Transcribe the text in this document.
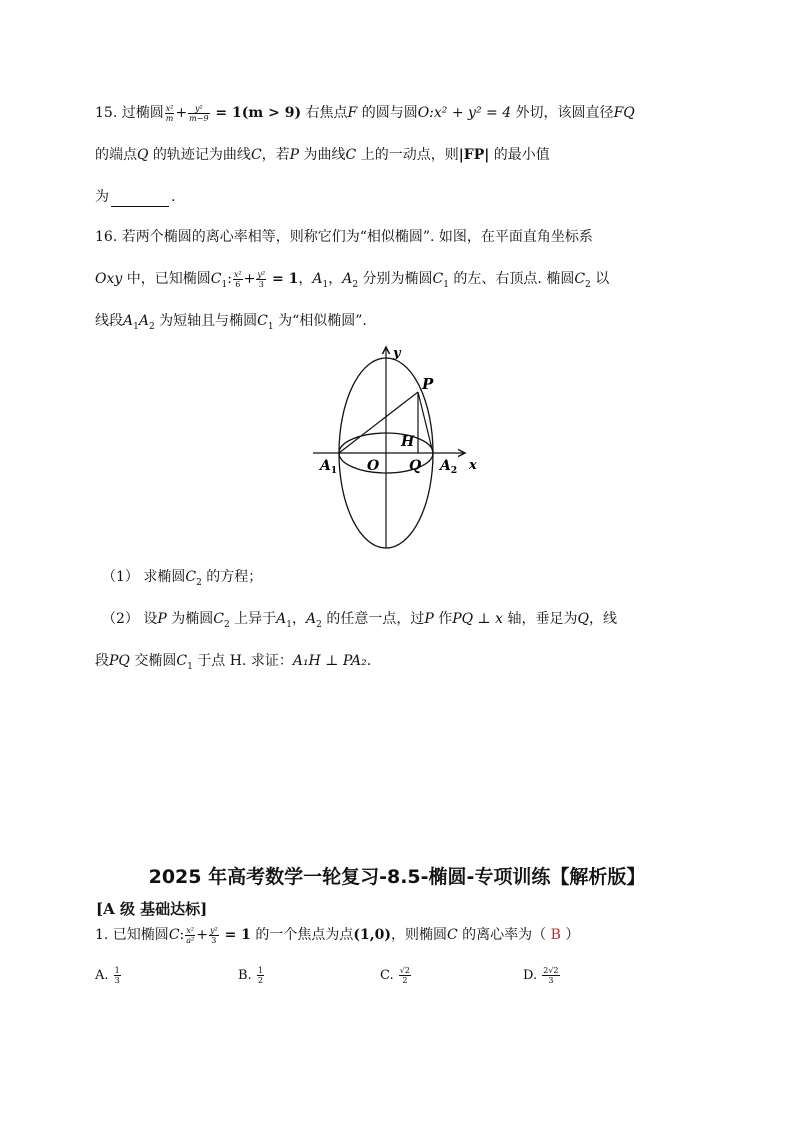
15. 过椭圆 $\frac{\text{x²}}{m} + \frac{\text{y²}}{m-9} = 1(m > 9)$ 右焦点F 的圆与圆O:x² + y² = 4 外切，该圆直径FQ
的端点Q 的轨迹记为曲线C，若P 为曲线C 上的一动点，则|FP| 的最小值
为	.
16. 若两个椭圆的离心率相等，则称它们为“相似椭圆”. 如图，在平面直角坐标系
Oxy 中，已知椭圆$C_1$: $\frac{\text{x²}}{6} + \frac{\text{y²}}{3} = 1$，$A_1$，$A_2$ 分别为椭圆$C_1$ 的左、右顶点. 椭圆$C_2$ 以
线段$A_1A_2$ 为短轴且与椭圆$C_1$ 为“相似椭圆”.
y
x
P
H
$A_1$ O Q $A_2$
（1） 求椭圆$C_2$ 的方程；
（2） 设P 为椭圆$C_2$ 上异于$A_1$，$A_2$ 的任意一点，过P 作PQ ⊥ x 轴，垂足为Q，线
段PQ 交椭圆$C_1$ 于点 H. 求证：A₁H ⊥ PA₂.
2025 年高考数学一轮复习-8.5-椭圆-专项训练【解析版】
[A 级 基础达标]
1. 已知椭圆C: $\frac{\text{x²}}{\text{a²}} + \frac{\text{y²}}{3} = 1$ 的一个焦点为点(1,0)，则椭圆C 的离心率为（ B ）
A. $\frac{1}{3}$	B. $\frac{1}{2}$	C. $\frac{√2}{2}$	D. $\frac{2√2}{3}$
